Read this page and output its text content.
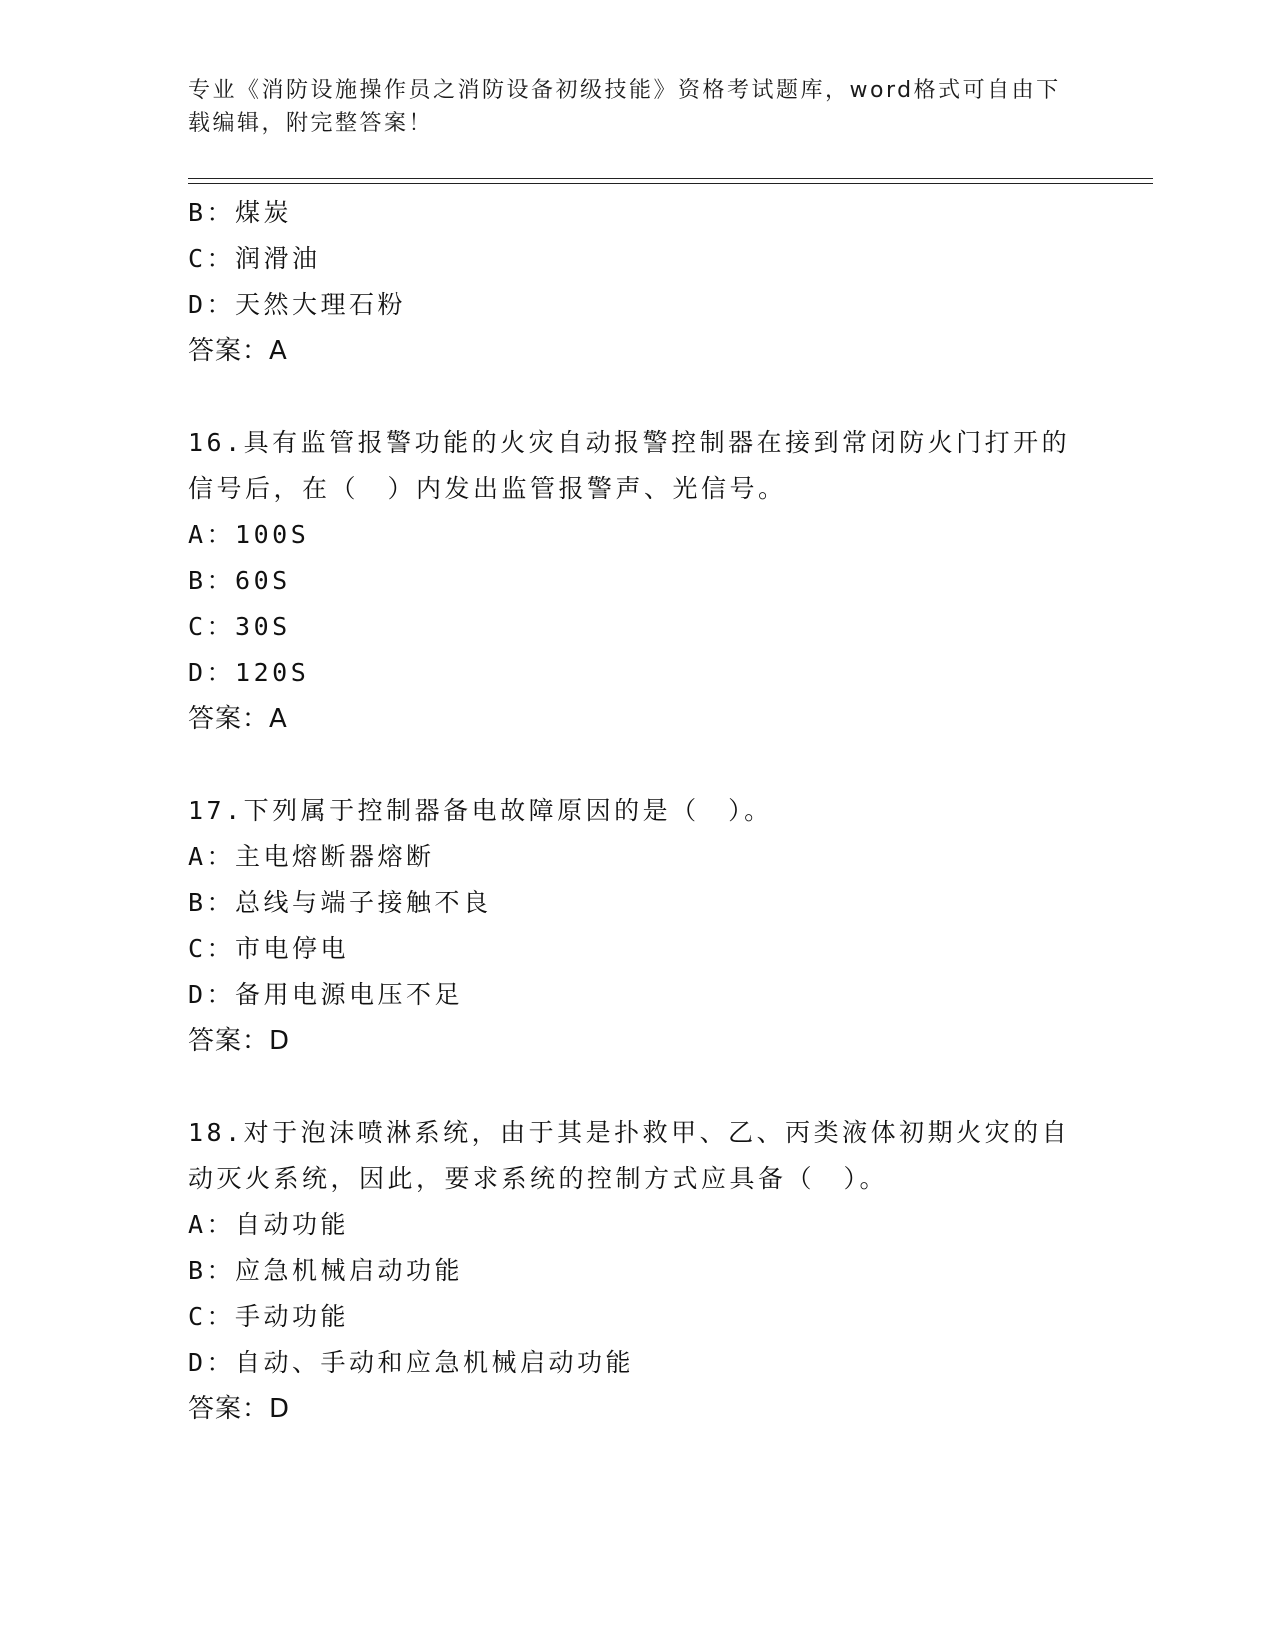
专业《消防设施操作员之消防设备初级技能》资格考试题库，word格式可自由下
载编辑，附完整答案！
B：煤炭
C：润滑油
D：天然大理石粉
答案：A
16.具有监管报警功能的火灾自动报警控制器在接到常闭防火门打开的
信号后，在（　）内发出监管报警声、光信号。
A：100S
B：60S
C：30S
D：120S
答案：A
17.下列属于控制器备电故障原因的是（　）。
A：主电熔断器熔断
B：总线与端子接触不良
C：市电停电
D：备用电源电压不足
答案：D
18.对于泡沫喷淋系统，由于其是扑救甲、乙、丙类液体初期火灾的自
动灭火系统，因此，要求系统的控制方式应具备（　）。
A：自动功能
B：应急机械启动功能
C：手动功能
D：自动、手动和应急机械启动功能
答案：D
